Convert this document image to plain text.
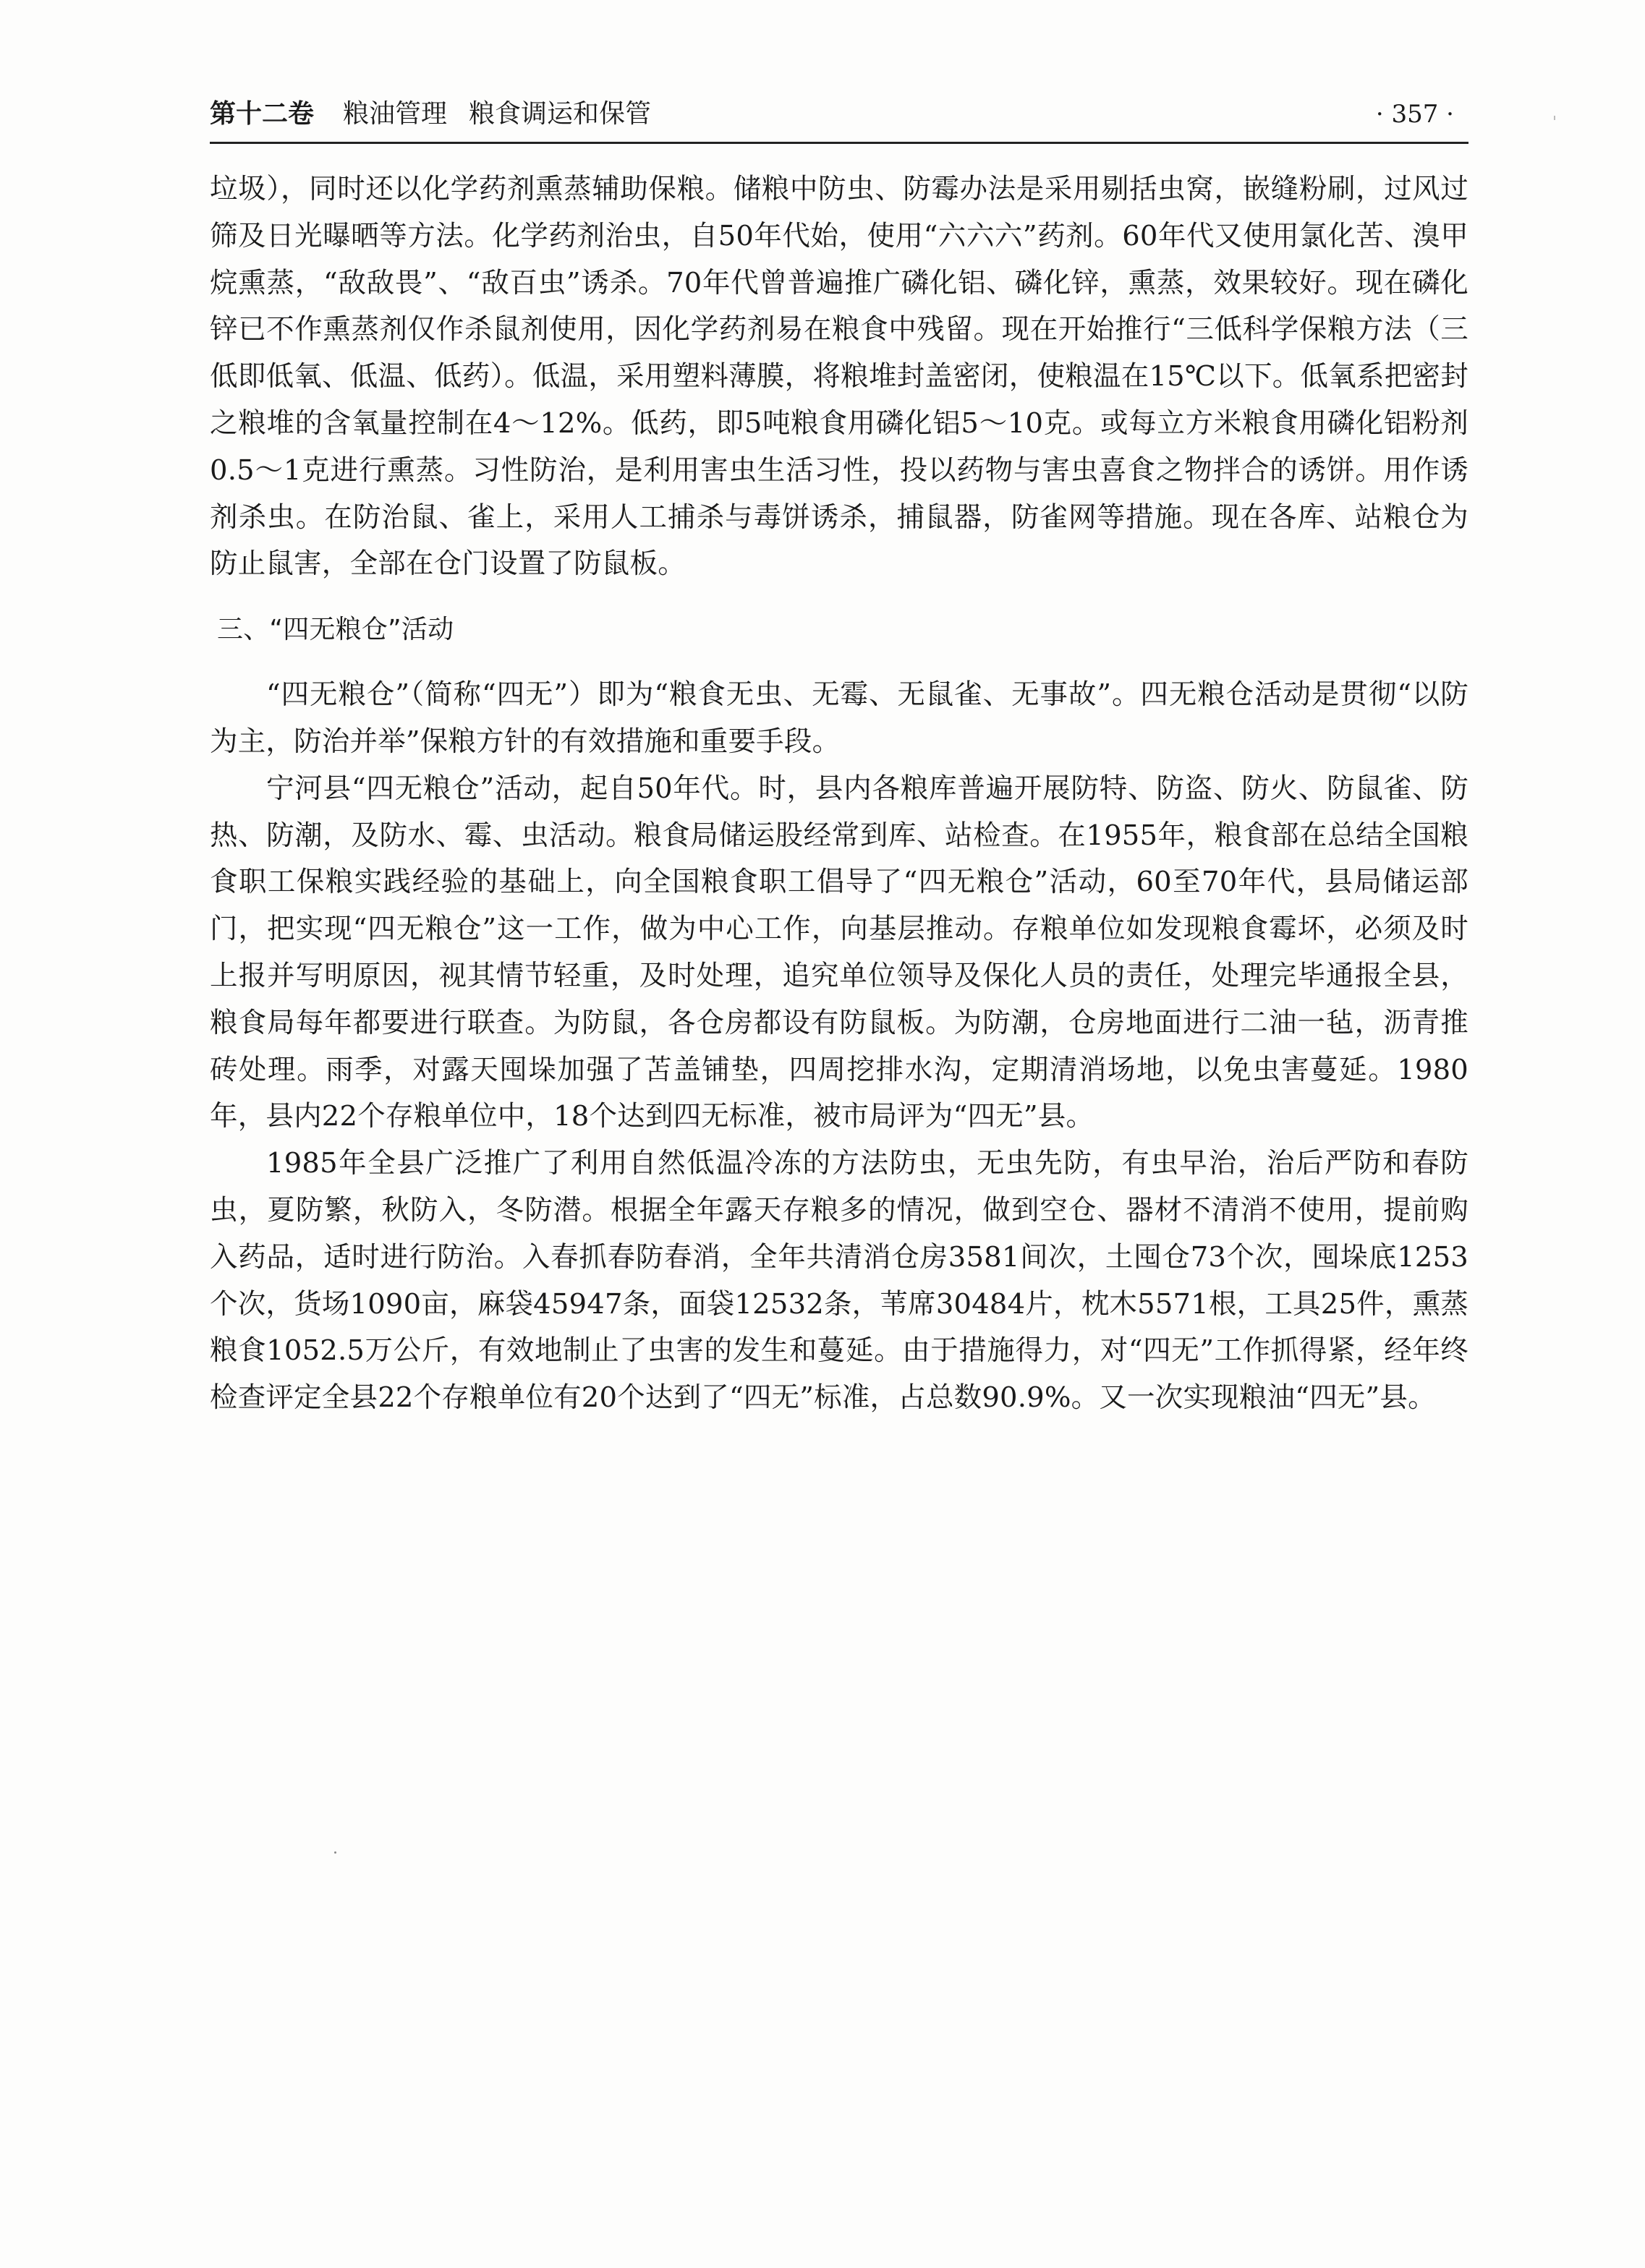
第十二卷 粮油管理 粮食调运和保管	· 357 ·

垃圾），同时还以化学药剂熏蒸辅助保粮。储粮中防虫、防霉办法是采用剔括虫窝，嵌缝粉刷，过风过筛及日光曝晒等方法。化学药剂治虫，自50年代始，使用“六六六”药剂。60年代又使用氯化苦、溴甲烷熏蒸，“敌敌畏”、“敌百虫”诱杀。70年代曾普遍推广磷化铝、磷化锌，熏蒸，效果较好。现在磷化锌已不作熏蒸剂仅作杀鼠剂使用，因化学药剂易在粮食中残留。现在开始推行“三低科学保粮方法（三低即低氧、低温、低药）。低温，采用塑料薄膜，将粮堆封盖密闭，使粮温在15℃以下。低氧系把密封之粮堆的含氧量控制在4～12%。低药，即5吨粮食用磷化铝5～10克。或每立方米粮食用磷化铝粉剂0.5～1克进行熏蒸。习性防治，是利用害虫生活习性，投以药物与害虫喜食之物拌合的诱饼。用作诱剂杀虫。在防治鼠、雀上，采用人工捕杀与毒饼诱杀，捕鼠器，防雀网等措施。现在各库、站粮仓为防止鼠害，全部在仓门设置了防鼠板。

三、“四无粮仓”活动

“四无粮仓”（简称“四无”）即为“粮食无虫、无霉、无鼠雀、无事故”。四无粮仓活动是贯彻“以防为主，防治并举”保粮方针的有效措施和重要手段。

宁河县“四无粮仓”活动，起自50年代。时，县内各粮库普遍开展防特、防盗、防火、防鼠雀、防热、防潮，及防水、霉、虫活动。粮食局储运股经常到库、站检查。在1955年，粮食部在总结全国粮食职工保粮实践经验的基础上，向全国粮食职工倡导了“四无粮仓”活动，60至70年代，县局储运部门，把实现“四无粮仓”这一工作，做为中心工作，向基层推动。存粮单位如发现粮食霉坏，必须及时上报并写明原因，视其情节轻重，及时处理，追究单位领导及保化人员的责任，处理完毕通报全县，粮食局每年都要进行联查。为防鼠，各仓房都设有防鼠板。为防潮，仓房地面进行二油一毡，沥青推砖处理。雨季，对露天囤垛加强了苫盖铺垫，四周挖排水沟，定期清消场地，以免虫害蔓延。1980年，县内22个存粮单位中，18个达到四无标准，被市局评为“四无”县。

1985年全县广泛推广了利用自然低温冷冻的方法防虫，无虫先防，有虫早治，治后严防和春防虫，夏防繁，秋防入，冬防潜。根据全年露天存粮多的情况，做到空仓、器材不清消不使用，提前购入药品，适时进行防治。入春抓春防春消，全年共清消仓房3581间次，土囤仓73个次，囤垛底1253个次，货场1090亩，麻袋45947条，面袋12532条，苇席30484片，枕木5571根，工具25件，熏蒸粮食1052.5万公斤，有效地制止了虫害的发生和蔓延。由于措施得力，对“四无”工作抓得紧，经年终检查评定全县22个存粮单位有20个达到了“四无”标准，占总数90.9%。又一次实现粮油“四无”县。
